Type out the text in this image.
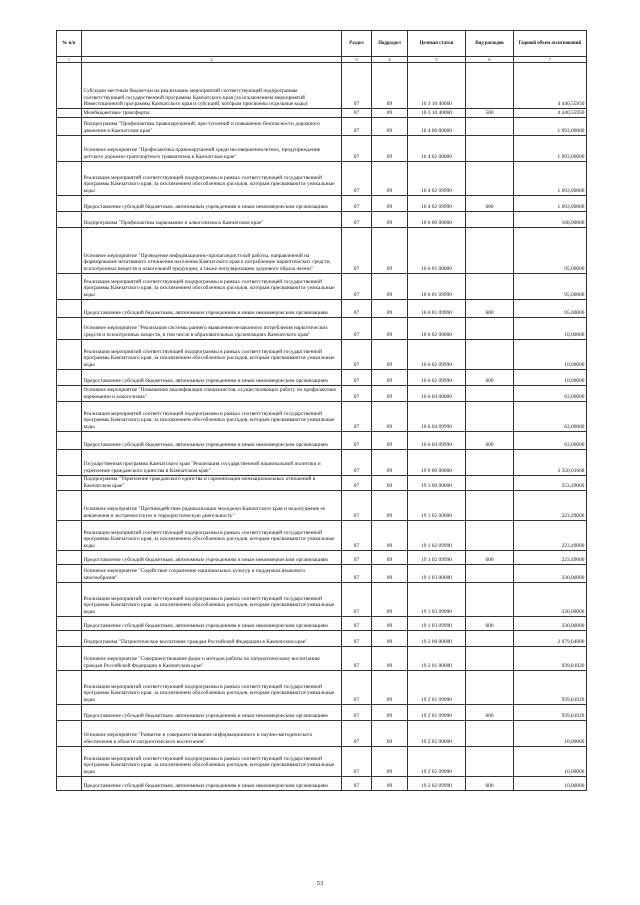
№ п/п		Раздел	Подраздел	Целевая статья	Вид расходов	Годовой объем ассигнований
1	2	3	4	5	6	7
	Субсидии местным бюджетам на реализацию мероприятий соответствующей подпрограммы соответствующей государственной программы Камчатского края (за исключением мероприятий Инвестиционной программы Камчатского края и субсидий, которым присвоены отдельные коды)	07	09	16 3 10 40060		4 440,55950
	Межбюджетные трансферты	07	09	16 3 10 40060	500	4 440,55950
	Подпрограмма "Профилактика правонарушений, преступлений и повышение безопасности дорожного движения в Камчатском крае"	07	09	16 4 00 00000		1 093,00000
	Основное мероприятие "Профилактика правонарушений среди несовершеннолетних, предупреждение детского дорожно-транспортного травматизма в Камчатском крае"	07	09	16 4 02 00000		1 093,00000
	Реализация мероприятий соответствующей подпрограммы в рамках соответствующей государственной программы Камчатского края, за исключением обособленных расходов, которым присваиваются уникальные коды	07	09	16 4 02 09990		1 093,00000
	Предоставление субсидий бюджетным, автономным учреждениям и иным некоммерческим организациям	07	09	16 4 02 09990	600	1 093,00000
	Подпрограмма "Профилактика наркомании и алкоголизма в Камчатском крае"	07	09	16 6 00 00000		168,00000
	Основное мероприятие "Проведение информационно-пропагандистской работы, направленной на формирование негативного отношения населения Камчатского края к потреблению наркотических средств, психотропных веществ и алкогольной продукции, а также популяризацию здорового образа жизни"	07	09	16 6 01 00000		95,00000
	Реализация мероприятий соответствующей подпрограммы в рамках соответствующей государственной программы Камчатского края, за исключением обособленных расходов, которым присваиваются уникальные коды	07	09	16 6 01 09990		95,00000
	Предоставление субсидий бюджетным, автономным учреждениям и иным некоммерческим организациям	07	09	16 6 01 09990	600	95,00000
	Основное мероприятие "Реализация системы раннего выявления незаконного потребления наркотических средств и психотропных веществ, в том числе в образовательных организациях Камчатского края"	07	09	16 6 02 00000		10,00000
	Реализация мероприятий соответствующей подпрограммы в рамках соответствующей государственной программы Камчатского края, за исключением обособленных расходов, которым присваиваются уникальные коды	07	09	16 6 02 09990		10,00000
	Предоставление субсидий бюджетным, автономным учреждениям и иным некоммерческим организациям	07	09	16 6 02 09990	600	10,00000
	Основное мероприятие "Повышение квалификации специалистов, осуществляющих работу по профилактике наркомании и алкоголизма"	07	09	16 6 04 00000		63,00000
	Реализация мероприятий соответствующей подпрограммы в рамках соответствующей государственной программы Камчатского края, за исключением обособленных расходов, которым присваиваются уникальные коды	07	09	16 6 04 09990		63,00000
	Предоставление субсидий бюджетным, автономным учреждениям и иным некоммерческим организациям	07	09	16 6 04 09990	600	63,00000
	Государственная программа Камчатского края "Реализация государственной национальной политики и укрепление гражданского единства в Камчатском крае"	07	09	19 0 00 00000		3 350,01668
	Подпрограмма "Укрепление гражданского единства и гармонизация межнациональных отношений в Камчатском крае"	07	09	19 1 00 00000		553,49000
	Основное мероприятие "Противодействие радикализации молодежи Камчатского края и недопущение ее вовлечения в экстремистскую и террористическую деятельность"	07	09	19 1 02 00000		223,49000
	Реализация мероприятий соответствующей подпрограммы в рамках соответствующей государственной программы Камчатского края, за исключением обособленных расходов, которым присваиваются уникальные коды	07	09	19 1 02 09990		223,49000
	Предоставление субсидий бюджетным, автономным учреждениям и иным некоммерческим организациям	07	09	19 1 02 09990	600	223,49000
	Основное мероприятие "Содействие сохранению национальных культур и поддержка языкового многообразия"	07	09	19 1 03 00000		330,00000
	Реализация мероприятий соответствующей подпрограммы в рамках соответствующей государственной программы Камчатского края, за исключением обособленных расходов, которым присваиваются уникальные коды	07	09	19 1 03 09990		330,00000
	Предоставление субсидий бюджетным, автономным учреждениям и иным некоммерческим организациям	07	09	19 1 03 09990	600	330,00000
	Подпрограмма "Патриотическое воспитание граждан Российской Федерации в Камчатском крае"	07	09	19 2 00 00000		2 079,64000
	Основное мероприятие "Совершенствование форм и методов работы по патриотическому воспитанию граждан Российской Федерации в Камчатском крае"	07	09	19 2 01 00000		939,81020
	Реализация мероприятий соответствующей подпрограммы в рамках соответствующей государственной программы Камчатского края, за исключением обособленных расходов, которым присваиваются уникальные коды	07	09	19 2 01 09990		939,81020
	Предоставление субсидий бюджетным, автономным учреждениям и иным некоммерческим организациям	07	09	19 2 01 09990	600	939,81020
	Основное мероприятие "Развитие и совершенствование информационного и научно-методического обеспечения в области патриотического воспитания"	07	09	19 2 02 00000		10,00000
	Реализация мероприятий соответствующей подпрограммы в рамках соответствующей государственной программы Камчатского края, за исключением обособленных расходов, которым присваиваются уникальные коды	07	09	19 2 02 09990		10,00000
	Предоставление субсидий бюджетным, автономным учреждениям и иным некоммерческим организациям	07	09	19 2 02 09990	600	10,00000
53
